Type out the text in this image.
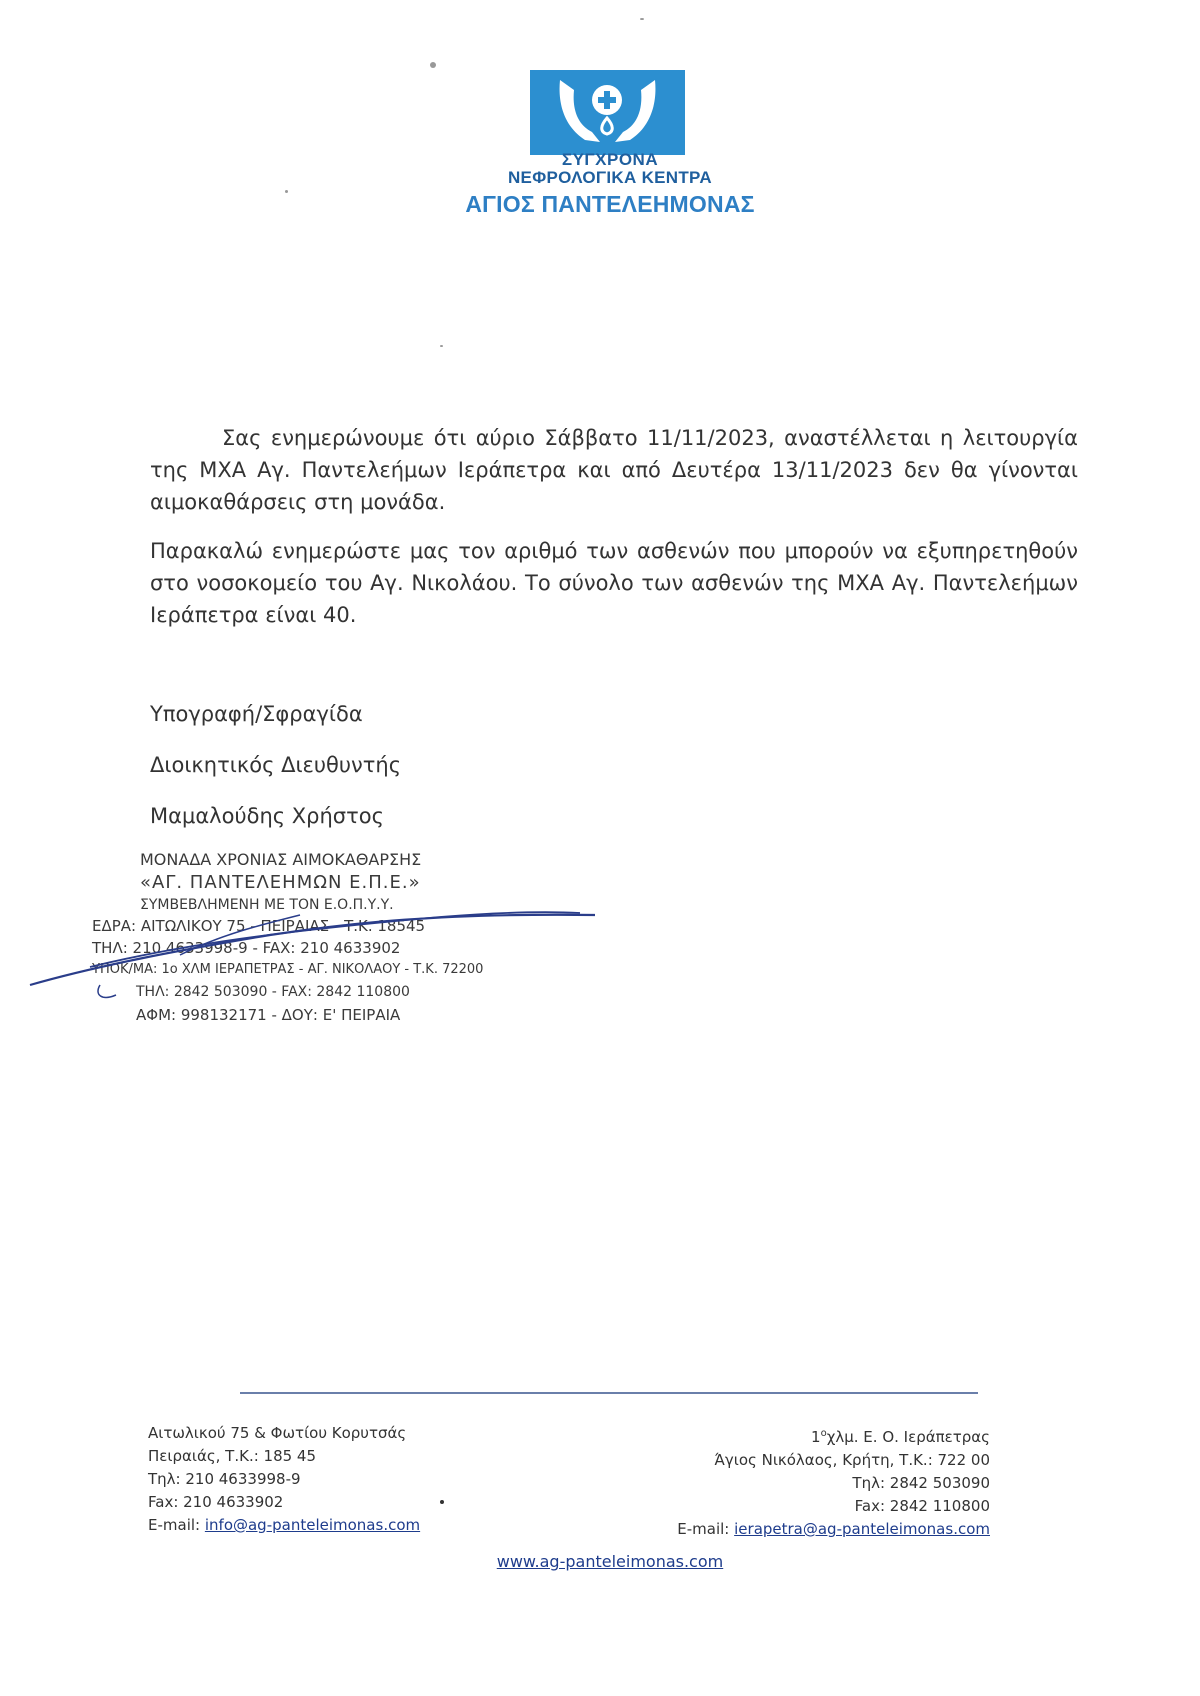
ΣΥΓΧΡΟΝΑ
ΝΕΦΡΟΛΟΓΙΚΑ ΚΕΝΤΡΑ
ΑΓΙΟΣ ΠΑΝΤΕΛΕΗΜΟΝΑΣ
Σας ενημερώνουμε ότι αύριο Σάββατο 11/11/2023, αναστέλλεται η λειτουργία της ΜΧΑ Αγ. Παντελεήμων Ιεράπετρα και από Δευτέρα 13/11/2023 δεν θα γίνονται αιμοκαθάρσεις στη μονάδα.
Παρακαλώ ενημερώστε μας τον αριθμό των ασθενών που μπορούν να εξυπηρετηθούν στο νοσοκομείο του Αγ. Νικολάου. Το σύνολο των ασθενών της ΜΧΑ Αγ. Παντελεήμων Ιεράπετρα είναι 40.
Υπογραφή/Σφραγίδα
Διοικητικός Διευθυντής
Μαμαλούδης Χρήστος
ΜΟΝΑΔΑ ΧΡΟΝΙΑΣ ΑΙΜΟΚΑΘΑΡΣΗΣ
«ΑΓ. ΠΑΝΤΕΛΕΗΜΩΝ Ε.Π.Ε.»
ΣΥΜΒΕΒΛΗΜΕΝΗ ΜΕ ΤΟΝ Ε.Ο.Π.Υ.Υ.
ΕΔΡΑ: ΑΙΤΩΛΙΚΟΥ 75 - ΠΕΙΡΑΙΑΣ - Τ.Κ. 18545
ΤΗΛ: 210 4633998-9 - FAX: 210 4633902
ΥΠΟΚ/ΜΑ: 1ο ΧΛΜ ΙΕΡΑΠΕΤΡΑΣ - ΑΓ. ΝΙΚΟΛΑΟΥ - Τ.Κ. 72200
ΤΗΛ: 2842 503090 - FAX: 2842 110800
ΑΦΜ: 998132171 - ΔΟΥ: Ε' ΠΕΙΡΑΙΑ
Αιτωλικού 75 & Φωτίου Κορυτσάς
Πειραιάς, Τ.Κ.: 185 45
Τηλ: 210 4633998-9
Fax: 210 4633902
E-mail: info@ag-panteleimonas.com
$1^o\chi\lambda\mu$. Ε. Ο. Ιεράπετρας
Άγιος Νικόλαος, Κρήτη, Τ.Κ.: 722 00
Τηλ: 2842 503090
Fax: 2842 110800
E-mail: ierapetra@ag-panteleimonas.com
www.ag-panteleimonas.com
